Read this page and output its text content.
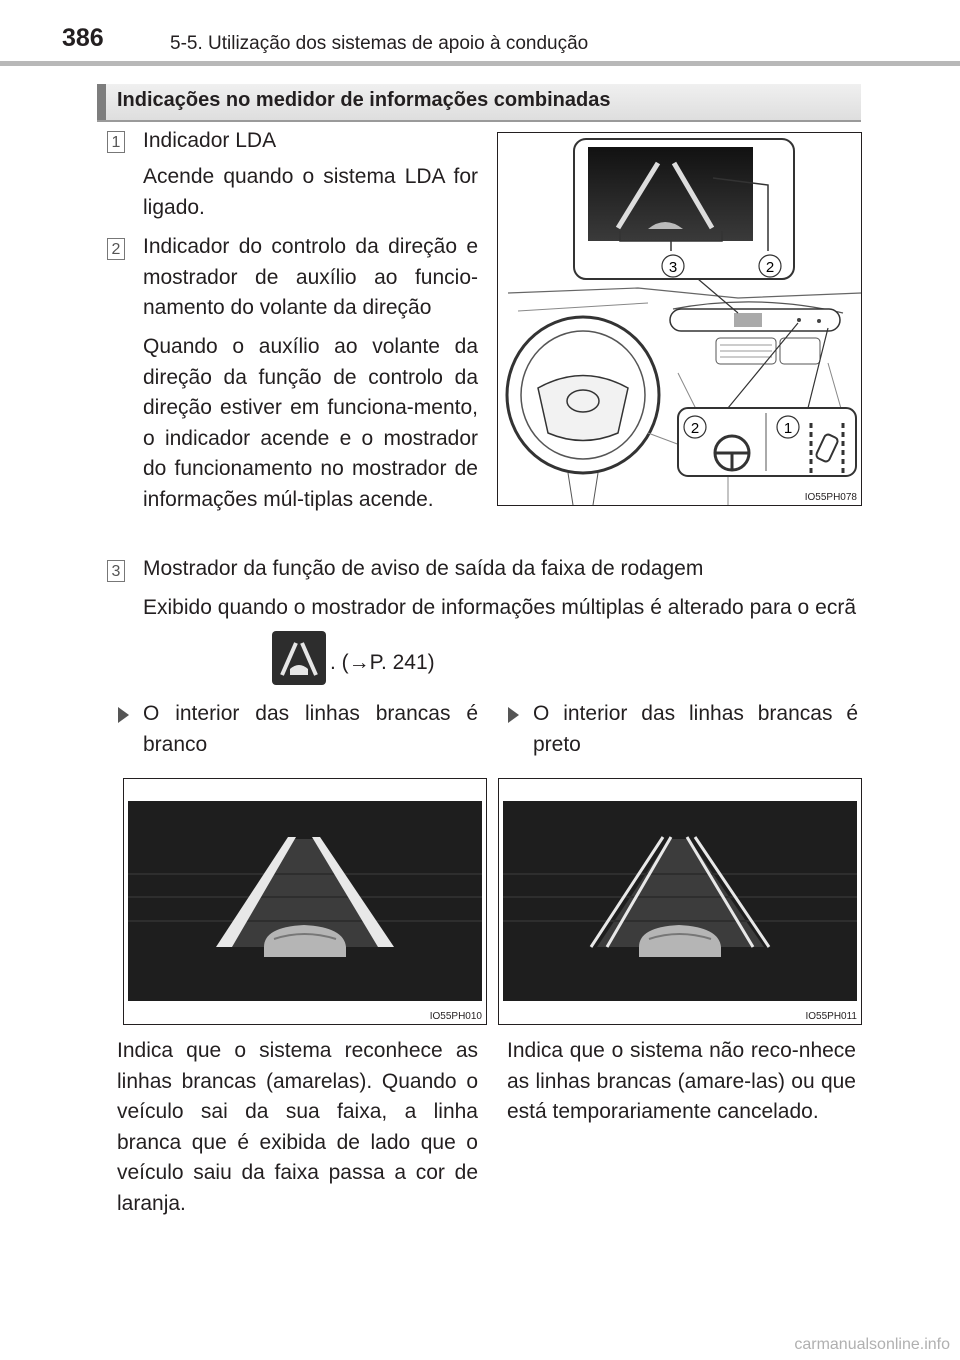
386	5-5. Utilização dos sistemas de apoio à condução
Indicações no medidor de informações combinadas
1 Indicador LDA
Acende quando o sistema LDA for ligado.
2 Indicador do controlo da direção e mostrador de auxílio ao funcio-namento do volante da direção
Quando o auxílio ao volante da direção da função de controlo da direção estiver em funciona-mento, o indicador acende e o mostrador do funcionamento no mostrador de informações múl-tiplas acende.
3	2
2	1
IO55PH078
3 Mostrador da função de aviso de saída da faixa de rodagem
Exibido quando o mostrador de informações múltiplas é alterado para o ecrã
. (→P. 241)
O interior das linhas brancas é branco
O interior das linhas brancas é preto
IO55PH010	IO55PH011
Indica que o sistema reconhece as linhas brancas (amarelas). Quando o veículo sai da sua faixa, a linha branca que é exibida de lado que o veículo saiu da faixa passa a cor de laranja.
Indica que o sistema não reco-nhece as linhas brancas (amare-las) ou que está temporariamente cancelado.
carmanualsonline.info
